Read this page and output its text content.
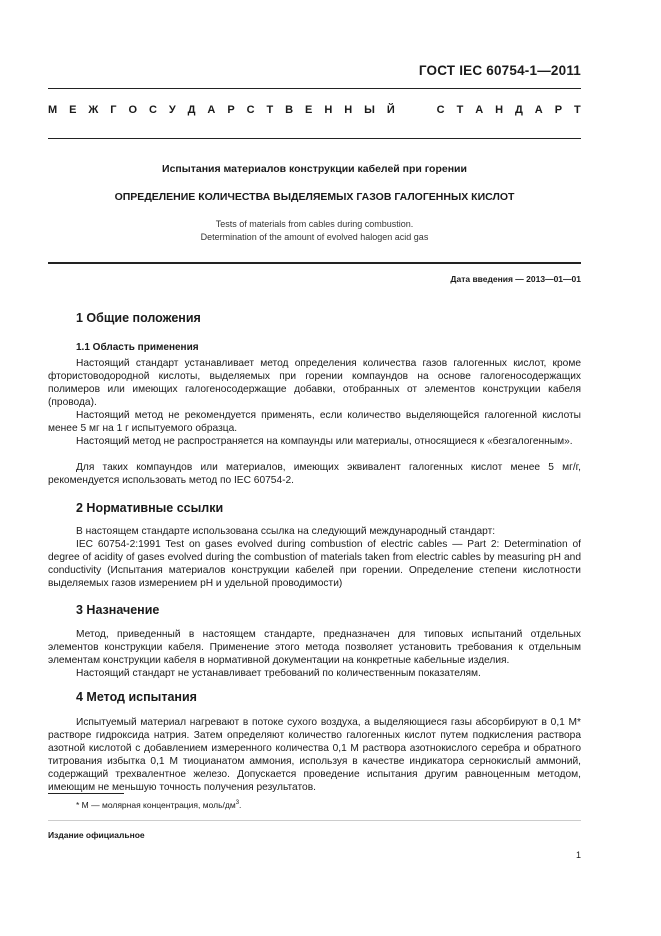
ГОСТ IEC 60754-1—2011
М Е Ж Г О С У Д А Р С Т В Е Н Н Ы Й

	С Т А Н Д А Р Т
Испытания материалов конструкции кабелей при горении
ОПРЕДЕЛЕНИЕ КОЛИЧЕСТВА ВЫДЕЛЯЕМЫХ ГАЗОВ ГАЛОГЕННЫХ КИСЛОТ
Tests of materials from cables during combustion.
Determination of the amount of evolved halogen acid gas
Дата введения — 2013—01—01
1 Общие положения
1.1 Область применения
Настоящий стандарт устанавливает метод определения количества газов галогенных кислот, кроме фтористоводородной кислоты, выделяемых при горении компаундов на основе галогеносодержащих полимеров или имеющих галогеносодержащие добавки, отобранных от элементов конструкции кабеля (провода).
Настоящий метод не рекомендуется применять, если количество выделяющейся галогенной кислоты менее 5 мг на 1 г испытуемого образца.
Настоящий метод не распространяется на компаунды или материалы, относящиеся к «безгалогенным».
Для таких компаундов или материалов, имеющих эквивалент галогенных кислот менее 5 мг/г, рекомендуется использовать метод по IEC 60754-2.
2 Нормативные ссылки
В настоящем стандарте использована ссылка на следующий международный стандарт:
IEC 60754-2:1991 Test on gases evolved during combustion of electric cables — Part 2: Determination of degree of acidity of gases evolved during the combustion of materials taken from electric cables by measuring pH and conductivity (Испытания материалов конструкции кабелей при горении. Определение степени кислотности выделяемых газов измерением pH и удельной проводимости)
3 Назначение
Метод, приведенный в настоящем стандарте, предназначен для типовых испытаний отдельных элементов конструкции кабеля. Применение этого метода позволяет установить требования к отдельным элементам конструкции кабеля в нормативной документации на конкретные кабельные изделия.
Настоящий стандарт не устанавливает требований по количественным показателям.
4 Метод испытания
Испытуемый материал нагревают в потоке сухого воздуха, а выделяющиеся газы абсорбируют в 0,1 М* растворе гидроксида натрия. Затем определяют количество галогенных кислот путем подкисления раствора азотной кислотой с добавлением измеренного количества 0,1 М раствора азотнокислого серебра и обратного титрования избытка 0,1 М тиоцианатом аммония, используя в качестве индикатора сернокислый аммоний, содержащий трехвалентное железо. Допускается проведение испытания другим равноценным методом, имеющим не меньшую точность получения результатов.
* М — молярная концентрация, моль/$дм^3$.
Издание официальное
1
